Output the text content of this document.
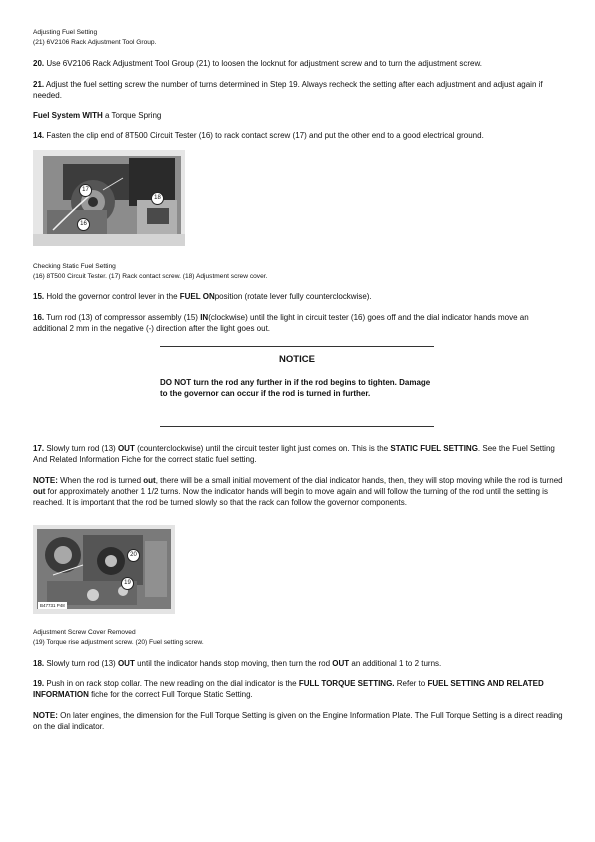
Adjusting Fuel Setting

(21) 6V2106 Rack Adjustment Tool Group.

20. Use 6V2106 Rack Adjustment Tool Group (21) to loosen the locknut for adjustment screw and to turn the adjustment screw.

21. Adjust the fuel setting screw the number of turns determined in Step 19. Always recheck the setting after each adjustment and adjust again if needed.

Fuel System WITH a Torque Spring

14. Fasten the clip end of 8T500 Circuit Tester (16) to rack contact screw (17) and put the other end to a good electrical ground.

16
17
18

Checking Static Fuel Setting

(16) 8T500 Circuit Tester. (17) Rack contact screw. (18) Adjustment screw cover.

15. Hold the governor control lever in the FUEL ONposition (rotate lever fully counterclockwise).

16. Turn rod (13) of compressor assembly (15) IN(clockwise) until the light in circuit tester (16) goes off and the dial indicator hands move an additional 2 mm in the negative (-) direction after the light goes out.

NOTICE

DO NOT turn the rod any further in if the rod begins to tighten. Damage to the governor can occur if the rod is turned in further.

17. Slowly turn rod (13) OUT (counterclockwise) until the circuit tester light just comes on. This is the STATIC FUEL SETTING. See the Fuel Setting And Related Information Fiche for the correct static fuel setting.

NOTE: When the rod is turned out, there will be a small initial movement of the dial indicator hands, then, they will stop moving while the rod is turned out for approximately another 1 1/2 turns. Now the indicator hands will begin to move again and will follow the turning of the rod until the setting is reached. It is important that the rod be turned slowly so that the rack can follow the governor components.

19
20
B47731 P48

Adjustment Screw Cover Removed

(19) Torque rise adjustment screw. (20) Fuel setting screw.

18. Slowly turn rod (13) OUT until the indicator hands stop moving, then turn the rod OUT an additional 1 to 2 turns.

19. Push in on rack stop collar. The new reading on the dial indicator is the FULL TORQUE SETTING. Refer to FUEL SETTING AND RELATED INFORMATION fiche for the correct Full Torque Static Setting.

NOTE: On later engines, the dimension for the Full Torque Setting is given on the Engine Information Plate. The Full Torque Setting is a direct reading on the dial indicator.
